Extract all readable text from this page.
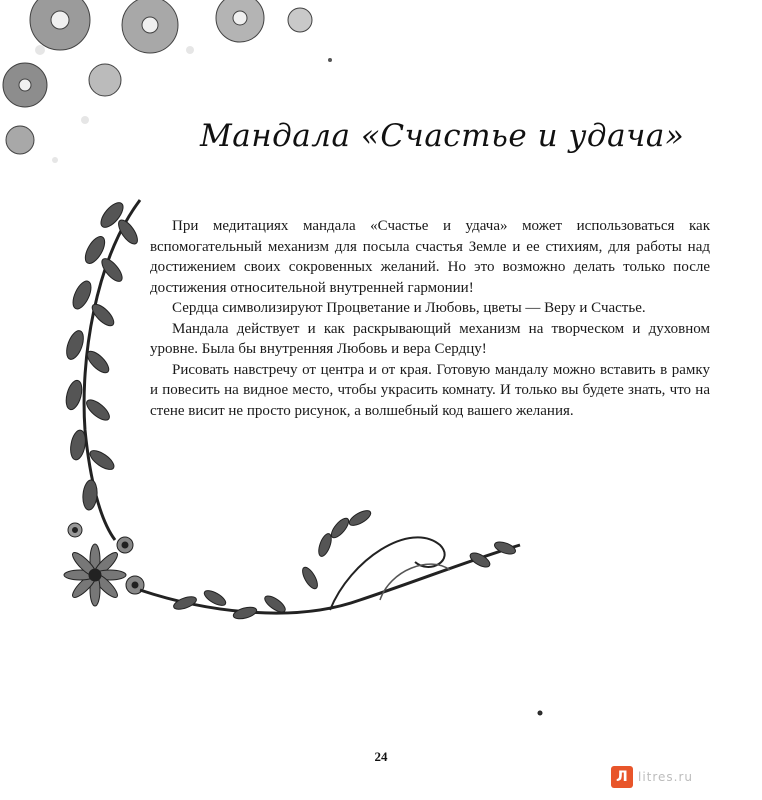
Мандала «Счастье и удача»

При медитациях мандала «Счастье и удача» может использоваться как вспомогательный механизм для посыла счастья Земле и ее стихиям, для работы над достижением своих сокровенных желаний. Но это возможно делать только после достижения относительной внутренней гармонии!

Сердца символизируют Процветание и Любовь, цветы — Веру и Счастье.

Мандала действует и как раскрывающий механизм на творческом и духовном уровне. Была бы внутренняя Любовь и вера Сердцу!

Рисовать навстречу от центра и от края. Готовую мандалу можно вставить в рамку и повесить на видное место, чтобы украсить комнату. И только вы будете знать, что на стене висит не просто рисунок, а волшебный код вашего желания.

24
Л litres.ru
